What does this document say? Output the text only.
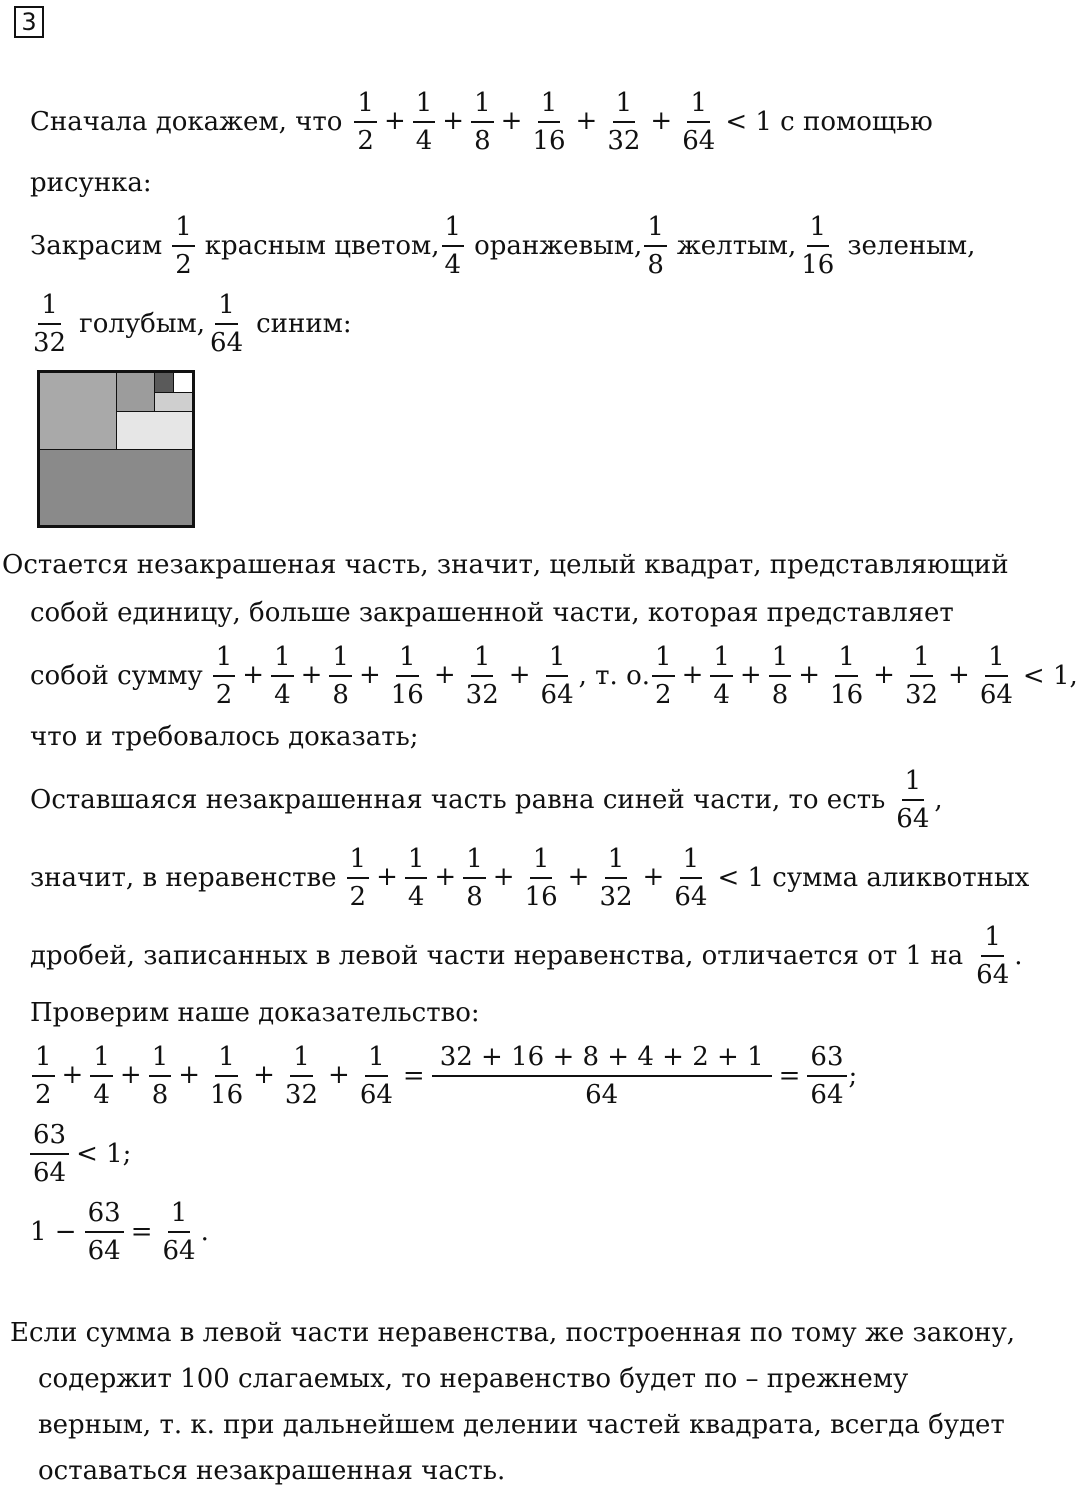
3
Сначала докажем, что $\frac{1}{2} + \frac{1}{4} + \frac{1}{8} + \frac{1}{16} + \frac{1}{32} + \frac{1}{64} < 1$ с помощью
рисунка:
Закрасим $\frac{1}{2}$ красным цветом, $\frac{1}{4}$ оранжевым, $\frac{1}{8}$ желтым, $\frac{1}{16}$ зеленым,
$\frac{1}{32}$ голубым, $\frac{1}{64}$ синим:
Остается незакрашеная часть, значит, целый квадрат, представляющий
собой единицу, больше закрашенной части, которая представляет
собой сумму $\frac{1}{2} + \frac{1}{4} + \frac{1}{8} + \frac{1}{16} + \frac{1}{32} + \frac{1}{64}$ , т. о. $\frac{1}{2} + \frac{1}{4} + \frac{1}{8} + \frac{1}{16} + \frac{1}{32} + \frac{1}{64} < 1$,
что и требовалось доказать;
Оставшаяся незакрашенная часть равна синей части, то есть $\frac{1}{64}$ ,
значит, в неравенстве $\frac{1}{2} + \frac{1}{4} + \frac{1}{8} + \frac{1}{16} + \frac{1}{32} + \frac{1}{64} < 1$ сумма аликвотных
дробей, записанных в левой части неравенства, отличается от 1 на $\frac{1}{64}$ .
Проверим наше доказательство:
$\frac{1}{2} + \frac{1}{4} + \frac{1}{8} + \frac{1}{16} + \frac{1}{32} + \frac{1}{64} = \frac{32 + 16 + 8 + 4 + 2 + 1}{64} = \frac{63}{64}$ ;
$\frac{63}{64} < 1$;
$1 - \frac{63}{64} = \frac{1}{64}$ .
Если сумма в левой части неравенства, построенная по тому же закону,
содержит 100 слагаемых, то неравенство будет по – прежнему
верным, т. к. при дальнейшем делении частей квадрата, всегда будет
оставаться незакрашенная часть.
